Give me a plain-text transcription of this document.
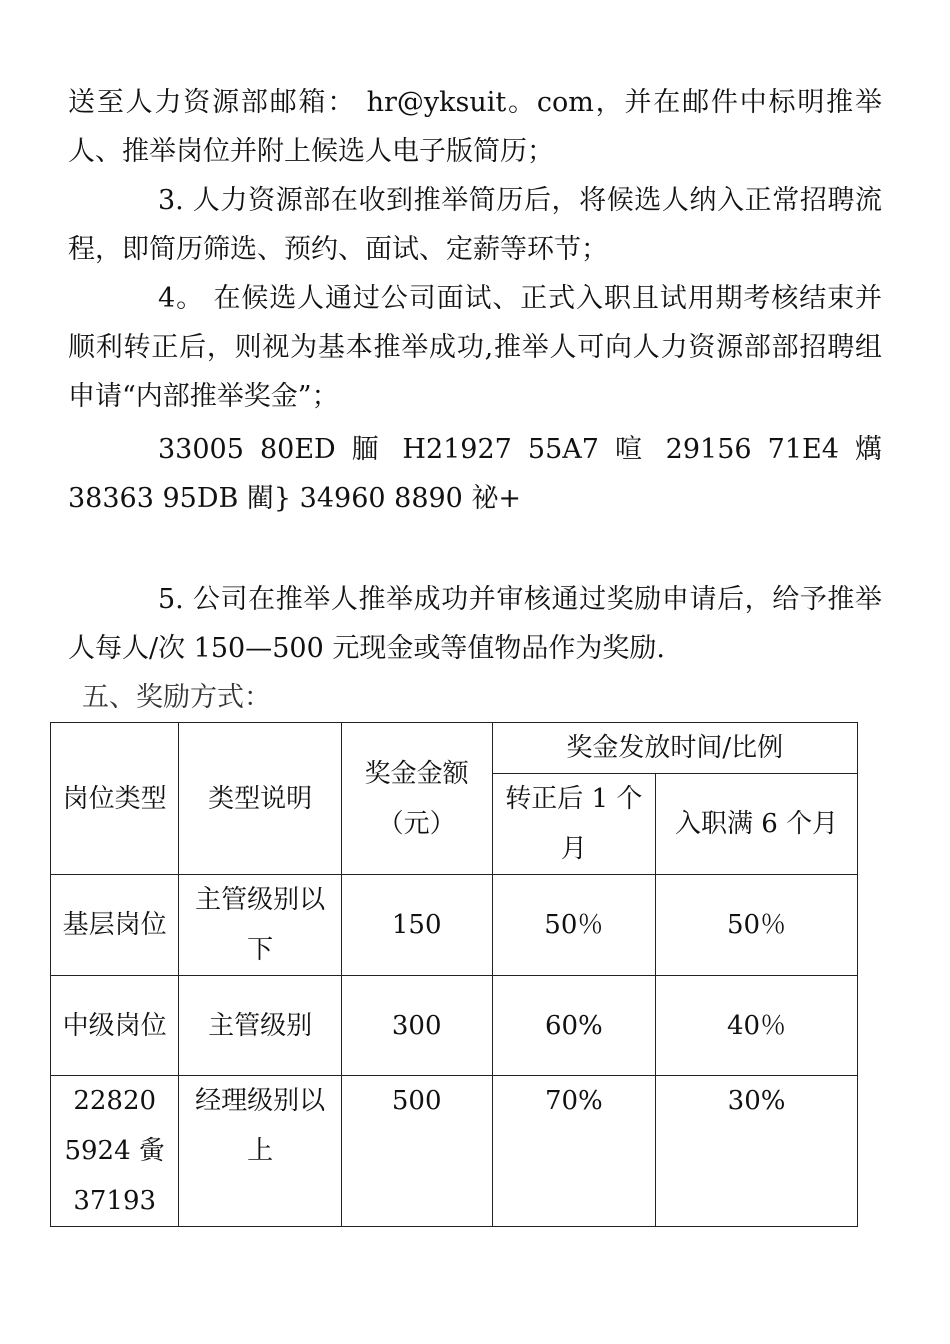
送至人力资源部邮箱： hr@yksuit。com，并在邮件中标明推举人、推举岗位并附上候选人电子版简历；

3. 人力资源部在收到推举简历后，将候选人纳入正常招聘流程，即简历筛选、预约、面试、定薪等环节；

4。 在候选人通过公司面试、正式入职且试用期考核结束并顺利转正后，则视为基本推举成功,推举人可向人力资源部部招聘组申请“内部推举奖金”；

33005 80ED 腼 H21927 55A7 喧 29156 71E4 燤 38363 95DB 閵} 34960 8890 祕+

5. 公司在推举人推举成功并审核通过奖励申请后，给予推举人每人/次 150—500 元现金或等值物品作为奖励.

五、奖励方式：

岗位类型	类型说明	奖金金额（元）	奖金发放时间/比例	
			转正后 1 个月	入职满 6 个月
基层岗位	主管级别以下	150	50％	50％
中级岗位	主管级别	300	60%	40％
22820 5924 夤 37193	经理级别以上	500	70%	30%
